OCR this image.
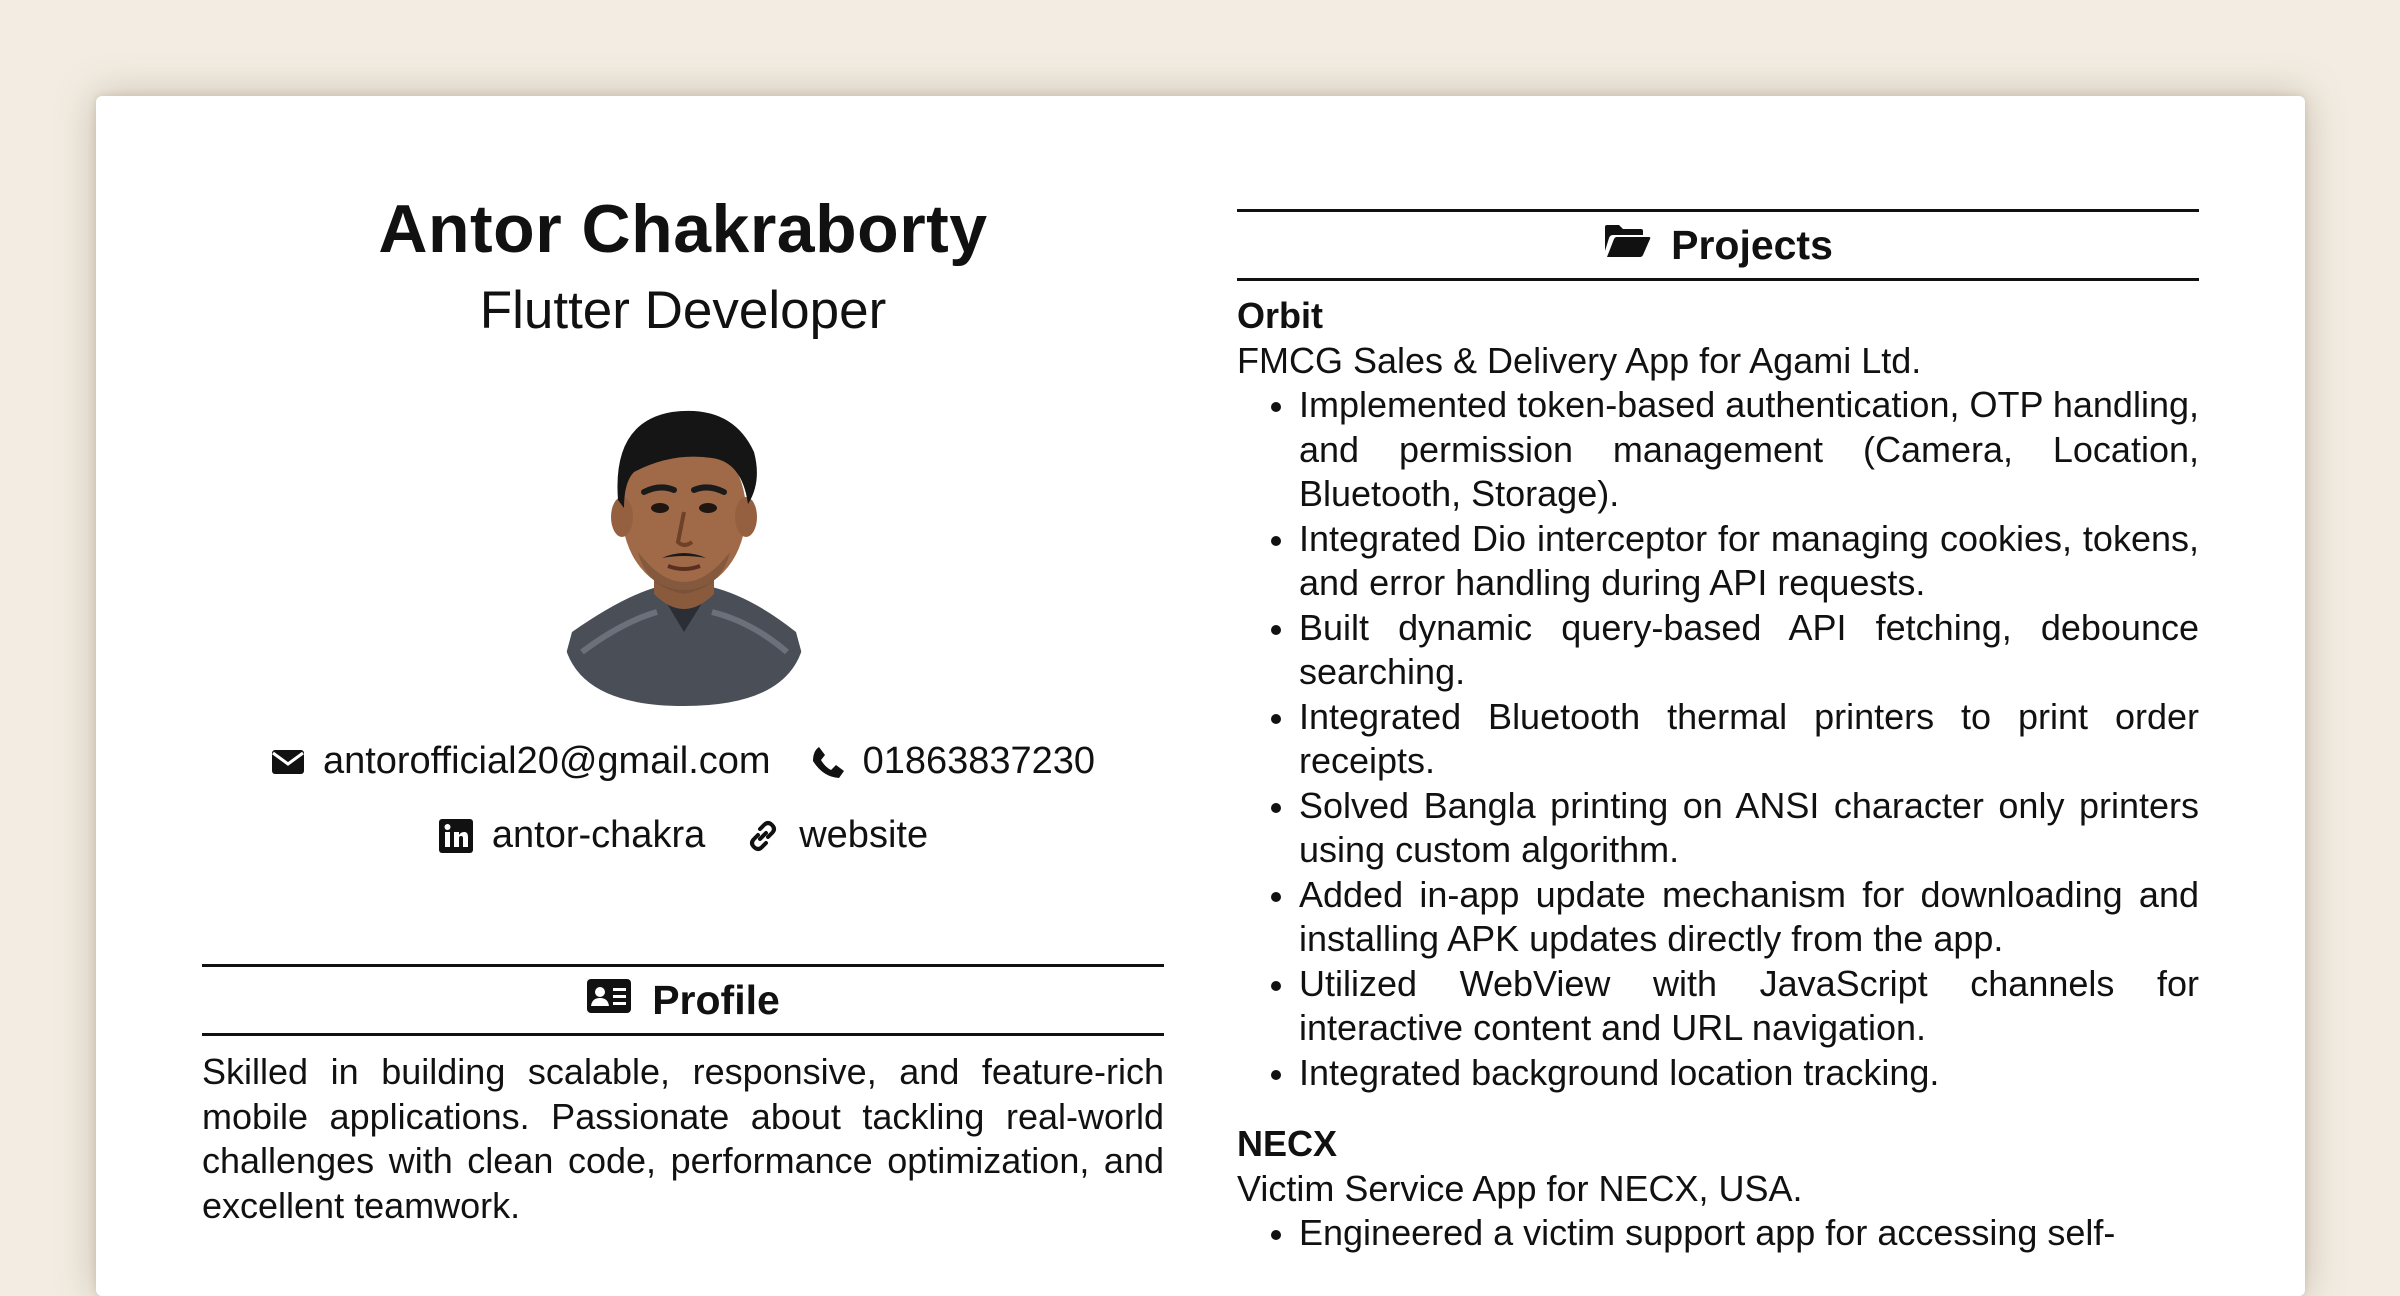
Antor Chakraborty
Flutter Developer
antorofficial20@gmail.com 01863837230
antor-chakra website
Profile
Skilled in building scalable, responsive, and feature-rich mobile applications. Passionate about tackling real-world challenges with clean code, performance optimization, and excellent teamwork.
Projects
Orbit
FMCG Sales & Delivery App for Agami Ltd.
Implemented token-based authentication, OTP handling, and permission management (Camera, Location, Bluetooth, Storage).
Integrated Dio interceptor for managing cookies, tokens, and error handling during API requests.
Built dynamic query-based API fetching, debounce searching.
Integrated Bluetooth thermal printers to print order receipts.
Solved Bangla printing on ANSI character only printers using custom algorithm.
Added in-app update mechanism for downloading and installing APK updates directly from the app.
Utilized WebView with JavaScript channels for interactive content and URL navigation.
Integrated background location tracking.
NECX
Victim Service App for NECX, USA.
Engineered a victim support app for accessing self-
